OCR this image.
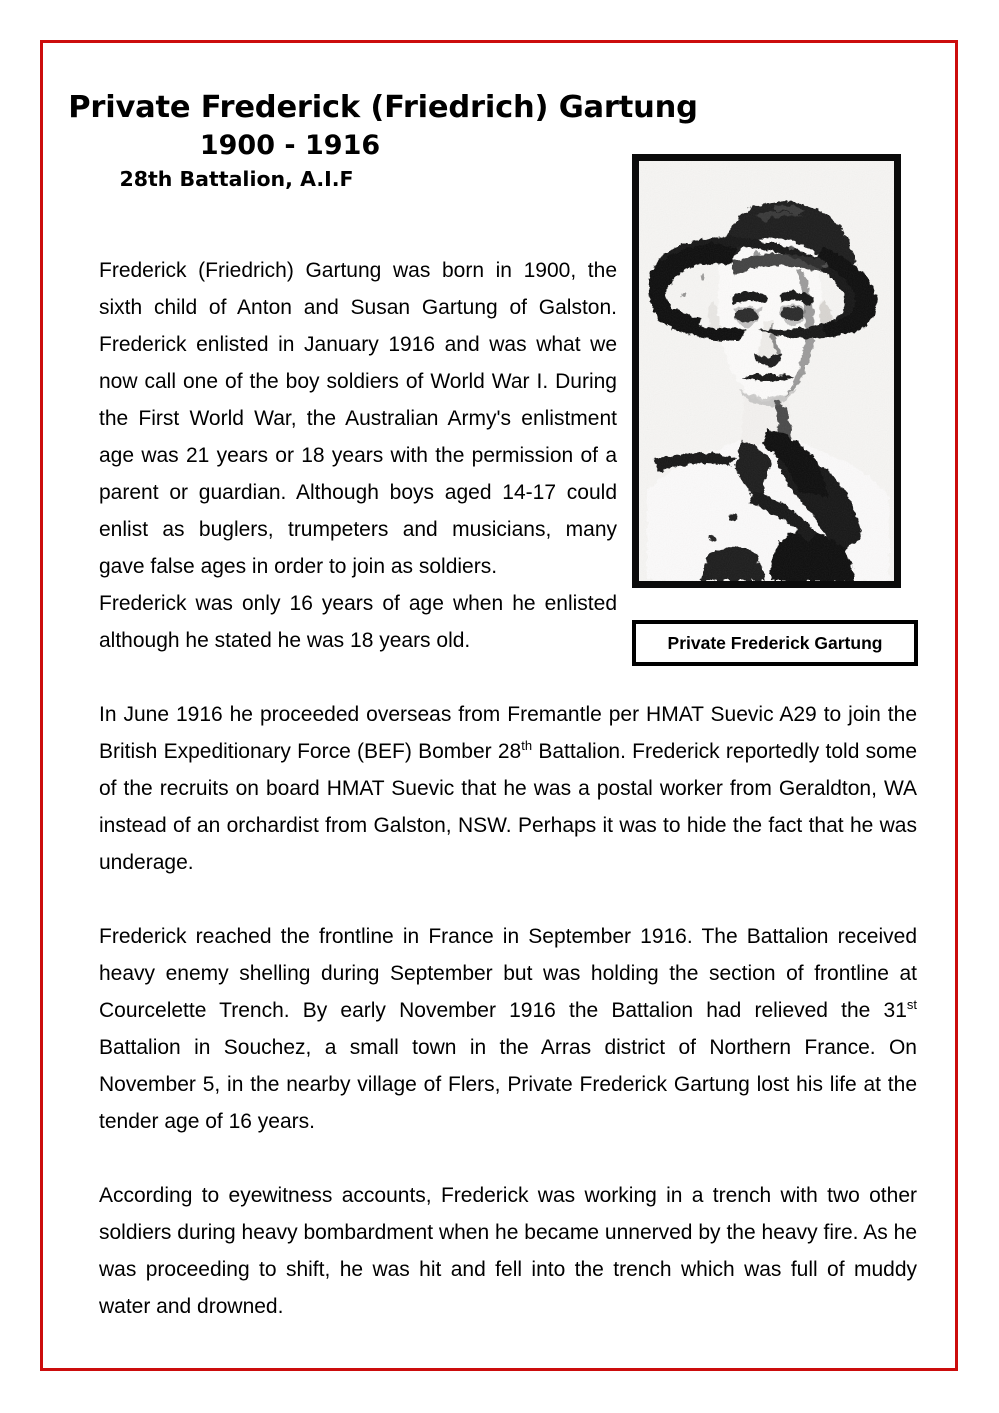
Private Frederick (Friedrich) Gartung
1900 - 1916
28th Battalion, A.I.F
Private Frederick Gartung

Frederick (Friedrich) Gartung was born in 1900, the sixth child of Anton and Susan Gartung of Galston. Frederick enlisted in January 1916 and was what we now call one of the boy soldiers of World War I. During the First World War, the Australian Army's enlistment age was 21 years or 18 years with the permission of a parent or guardian. Although boys aged 14-17 could enlist as buglers, trumpeters and musicians, many gave false ages in order to join as soldiers.

Frederick was only 16 years of age when he enlisted although he stated he was 18 years old.

In June 1916 he proceeded overseas from Fremantle per HMAT Suevic A29 to join the British Expeditionary Force (BEF) Bomber 28th Battalion. Frederick reportedly told some of the recruits on board HMAT Suevic that he was a postal worker from Geraldton, WA instead of an orchardist from Galston, NSW. Perhaps it was to hide the fact that he was underage.

Frederick reached the frontline in France in September 1916. The Battalion received heavy enemy shelling during September but was holding the section of frontline at Courcelette Trench. By early November 1916 the Battalion had relieved the 31st Battalion in Souchez, a small town in the Arras district of Northern France. On November 5, in the nearby village of Flers, Private Frederick Gartung lost his life at the tender age of 16 years.

According to eyewitness accounts, Frederick was working in a trench with two other soldiers during heavy bombardment when he became unnerved by the heavy fire. As he was proceeding to shift, he was hit and fell into the trench which was full of muddy water and drowned.
